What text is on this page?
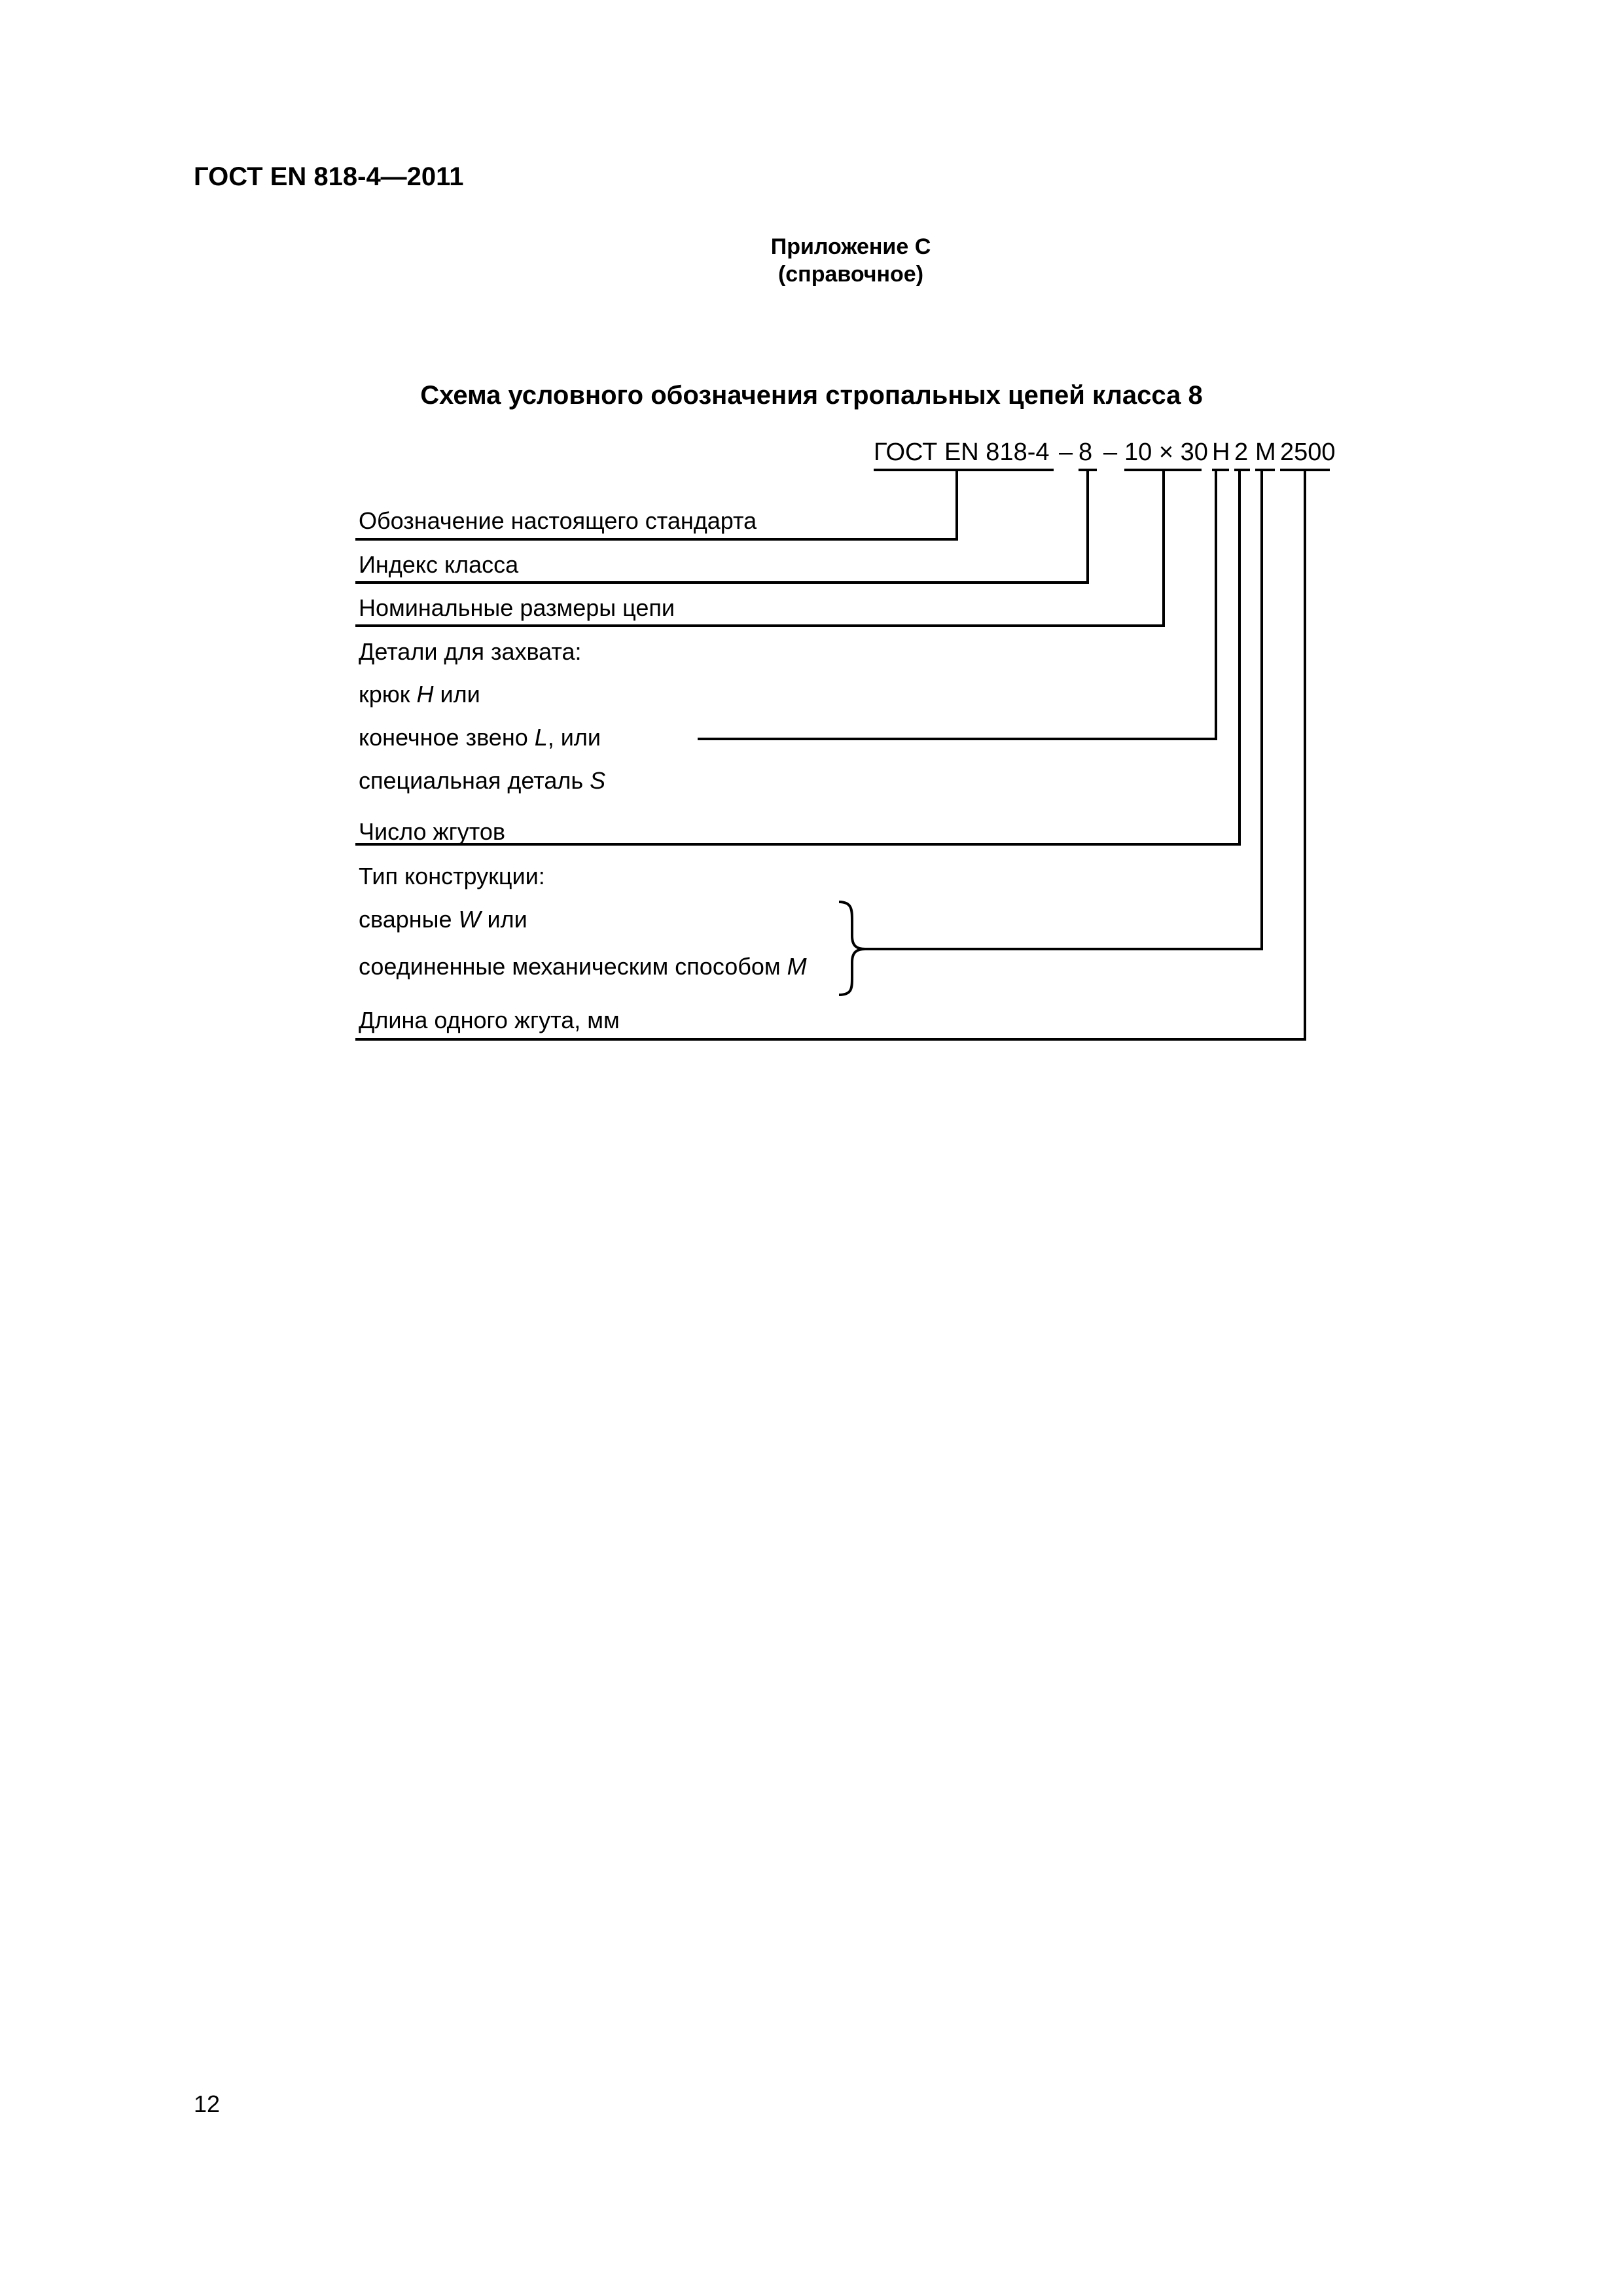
ГОСТ EN 818-4—2011
Приложение С
(справочное)
Схема условного обозначения стропальных цепей класса 8
ГОСТ EN 818-4 – 8 – 10 × 30 H 2 M 2500
Обозначение настоящего стандарта
Индекс класса
Номинальные размеры цепи
Детали для захвата:
крюк H или
конечное звено L, или
специальная деталь S
Число жгутов
Тип конструкции:
сварные W или
соединенные механическим способом M
Длина одного жгута, мм
12
